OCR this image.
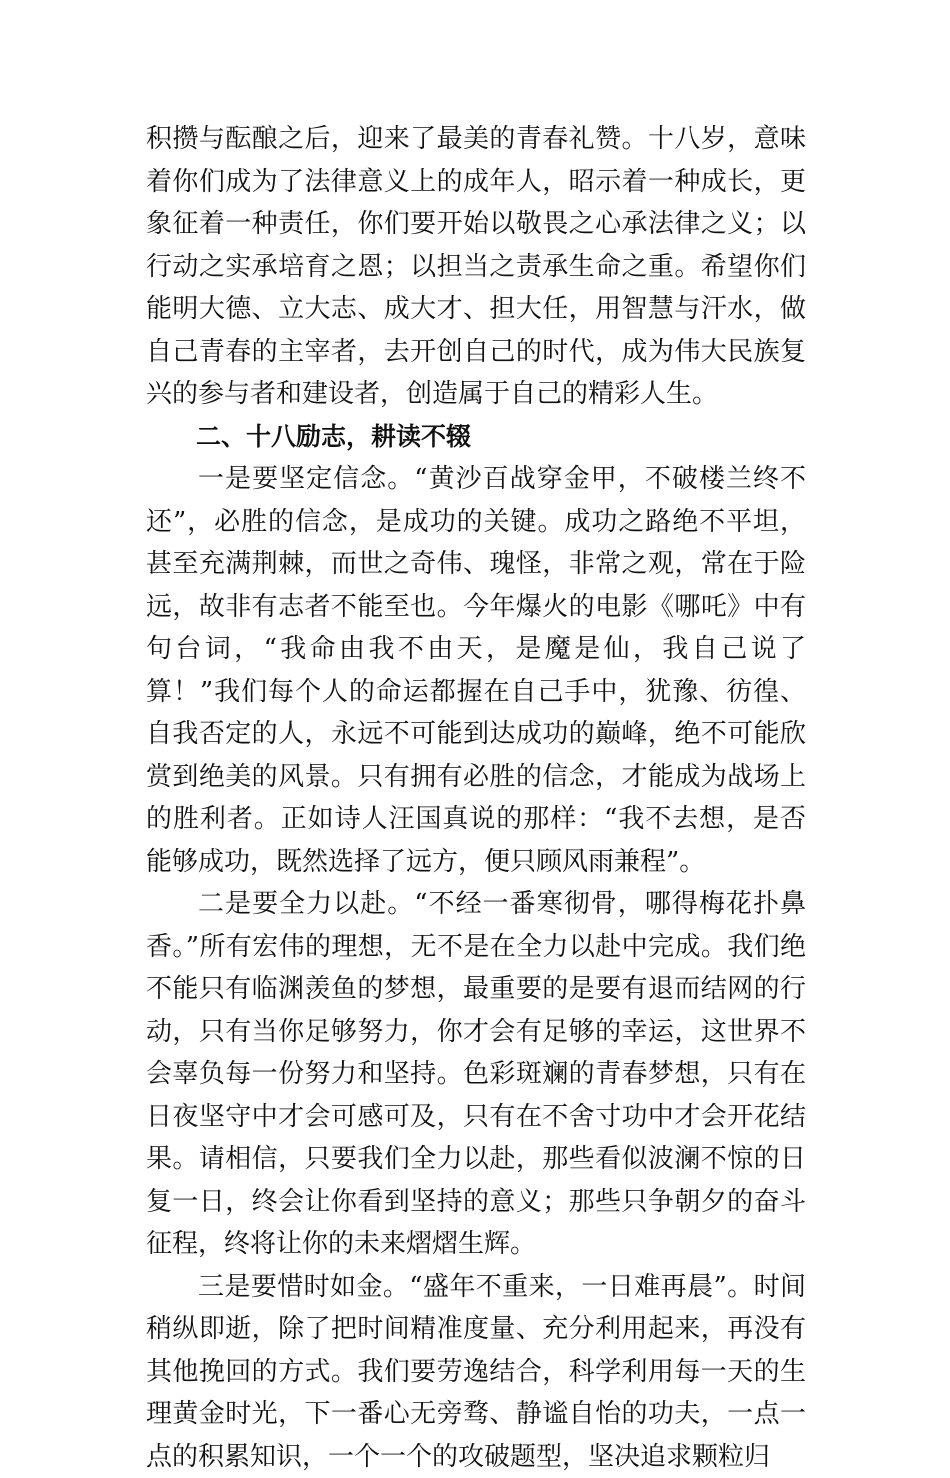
积攒与酝酿之后，迎来了最美的青春礼赞。十八岁，意味着你们成为了法律意义上的成年人，昭示着一种成长，更象征着一种责任，你们要开始以敬畏之心承法律之义；以行动之实承培育之恩；以担当之责承生命之重。希望你们能明大德、立大志、成大才、担大任，用智慧与汗水，做自己青春的主宰者，去开创自己的时代，成为伟大民族复兴的参与者和建设者，创造属于自己的精彩人生。

二、十八励志，耕读不辍

一是要坚定信念。“黄沙百战穿金甲，不破楼兰终不还”，必胜的信念，是成功的关键。成功之路绝不平坦，甚至充满荆棘，而世之奇伟、瑰怪，非常之观，常在于险远，故非有志者不能至也。今年爆火的电影《哪吒》中有句台词，“我命由我不由天，是魔是仙，我自己说了算！”我们每个人的命运都握在自己手中，犹豫、彷徨、自我否定的人，永远不可能到达成功的巅峰，绝不可能欣赏到绝美的风景。只有拥有必胜的信念，才能成为战场上的胜利者。正如诗人汪国真说的那样：“我不去想，是否能够成功，既然选择了远方，便只顾风雨兼程”。

二是要全力以赴。“不经一番寒彻骨，哪得梅花扑鼻香。”所有宏伟的理想，无不是在全力以赴中完成。我们绝不能只有临渊羡鱼的梦想，最重要的是要有退而结网的行动，只有当你足够努力，你才会有足够的幸运，这世界不会辜负每一份努力和坚持。色彩斑斓的青春梦想，只有在日夜坚守中才会可感可及，只有在不舍寸功中才会开花结果。请相信，只要我们全力以赴，那些看似波澜不惊的日复一日，终会让你看到坚持的意义；那些只争朝夕的奋斗征程，终将让你的未来熠熠生辉。

三是要惜时如金。“盛年不重来，一日难再晨”。时间稍纵即逝，除了把时间精准度量、充分利用起来，再没有其他挽回的方式。我们要劳逸结合，科学利用每一天的生理黄金时光，下一番心无旁骛、静谧自怡的功夫，一点一点的积累知识，一个一个的攻破题型，坚决追求颗粒归
